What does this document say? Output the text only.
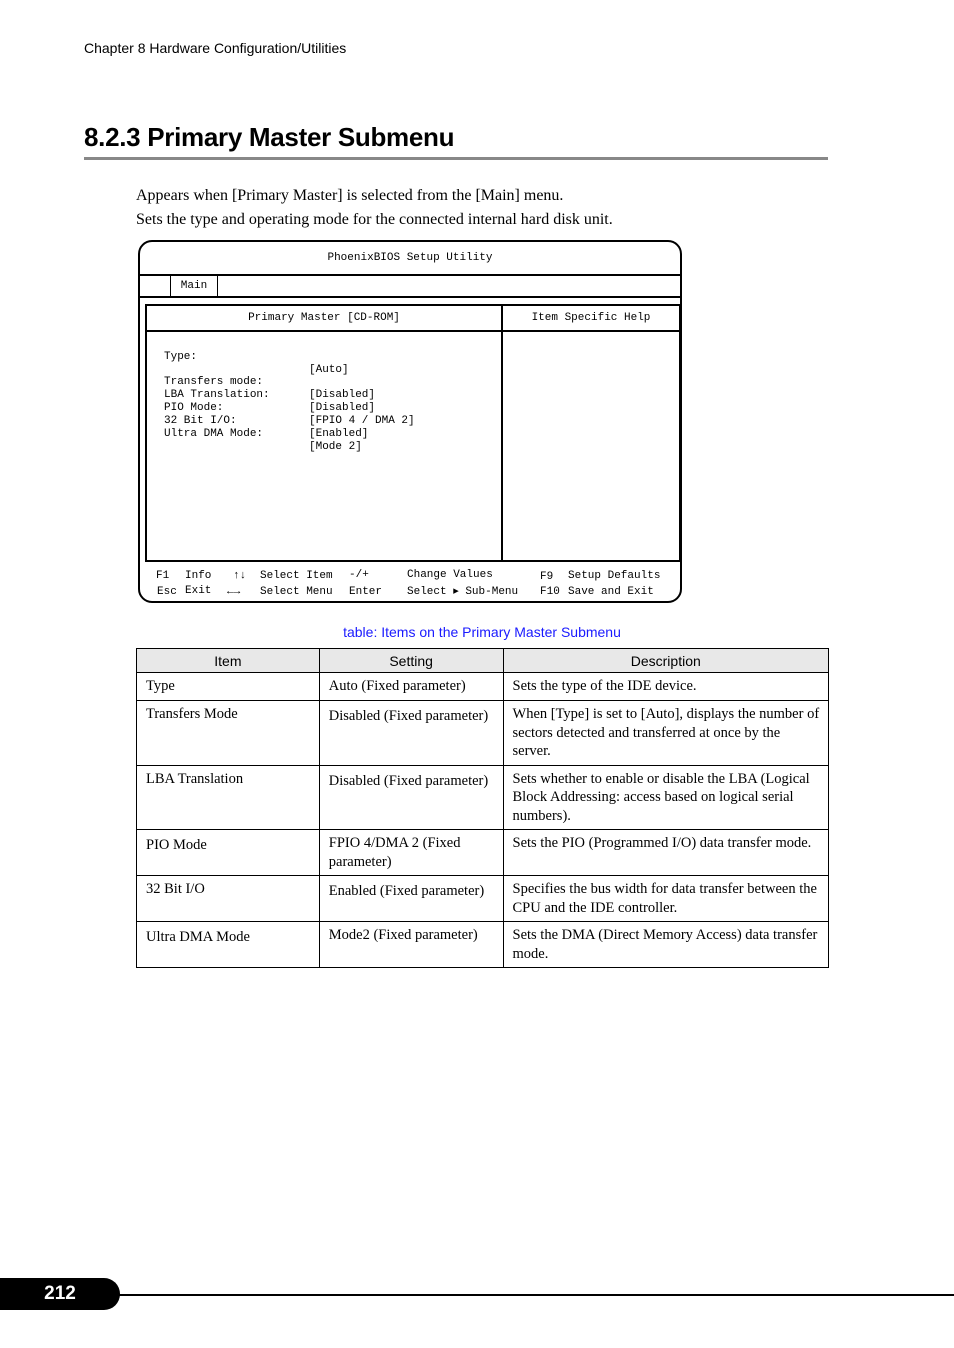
Chapter 8 Hardware Configuration/Utilities
8.2.3 Primary Master Submenu

Appears when [Primary Master] is selected from the [Main] menu.

Sets the type and operating mode for the connected internal hard disk unit.

PhoenixBIOS Setup Utility
Main
Primary Master [CD-ROM]

Type:

[Auto]

Transfers mode:

[Disabled]

LBA Translation:

[Disabled]

PIO Mode:

[FPIO 4 / DMA 2]

32 Bit I/O:

[Enabled]

Ultra DMA Mode:

[Mode 2]

Item Specific Help
F1 Info
Esc Exit
↑↓ Select Item
←→ Select Menu
-/+	Change Values
Enter Select ▸ Sub-Menu
F9 Setup Defaults
F10 Save and Exit
table: Items on the Primary Master Submenu
Item	Setting	Description
Type	Auto (Fixed parameter)	Sets the type of the IDE device.
Transfers Mode	Disabled (Fixed parameter)	When [Type] is set to [Auto], displays the number of sectors detected and transferred at once by the server.
LBA Translation	Disabled (Fixed parameter)	Sets whether to enable or disable the LBA (Logical Block Addressing: access based on logical serial numbers).
PIO Mode	FPIO 4/DMA 2 (Fixed parameter)	Sets the PIO (Programmed I/O) data transfer mode.
32 Bit I/O	Enabled (Fixed parameter)	Specifies the bus width for data transfer between the CPU and the IDE controller.
Ultra DMA Mode	Mode2 (Fixed parameter)	Sets the DMA (Direct Memory Access) data transfer mode.
212
